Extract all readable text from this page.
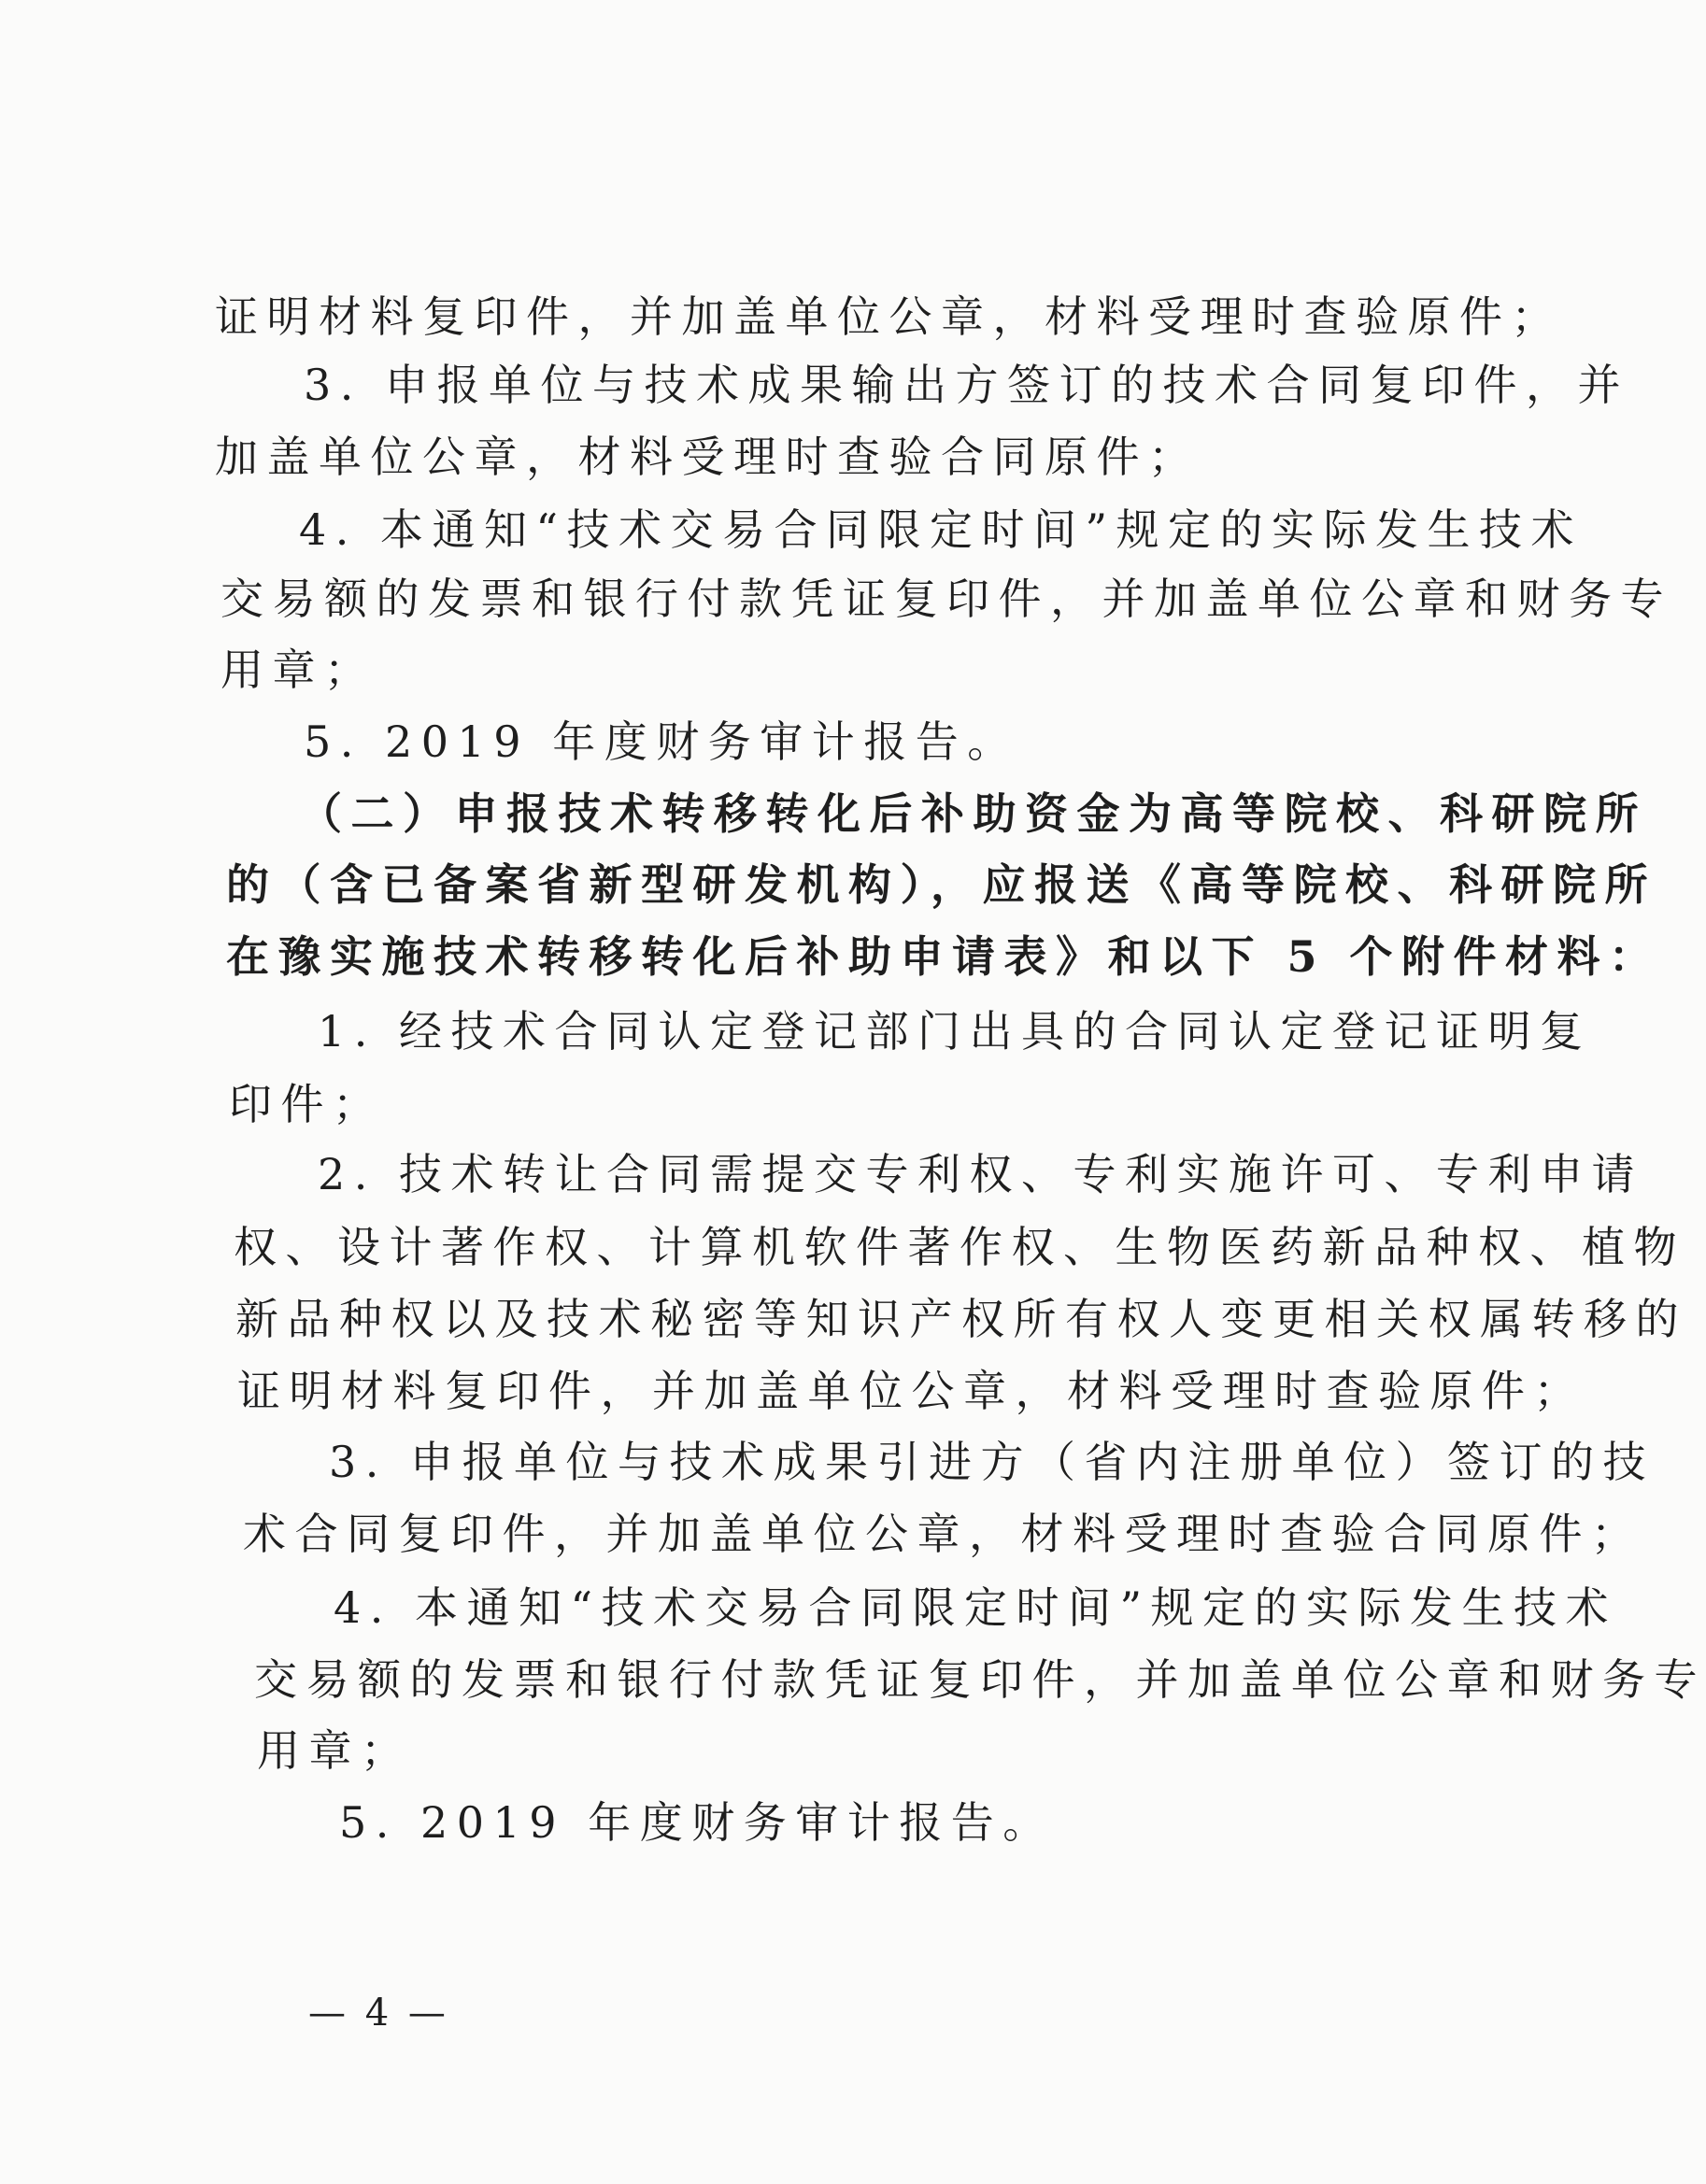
证明材料复印件，并加盖单位公章，材料受理时查验原件；
3. 申报单位与技术成果输出方签订的技术合同复印件，并
加盖单位公章，材料受理时查验合同原件；
4. 本通知“技术交易合同限定时间”规定的实际发生技术
交易额的发票和银行付款凭证复印件，并加盖单位公章和财务专
用章；
5. 2019 年度财务审计报告。
（二）申报技术转移转化后补助资金为高等院校、科研院所
的（含已备案省新型研发机构），应报送《高等院校、科研院所
在豫实施技术转移转化后补助申请表》和以下 5 个附件材料：
1. 经技术合同认定登记部门出具的合同认定登记证明复
印件；
2. 技术转让合同需提交专利权、专利实施许可、专利申请
权、设计著作权、计算机软件著作权、生物医药新品种权、植物
新品种权以及技术秘密等知识产权所有权人变更相关权属转移的
证明材料复印件，并加盖单位公章，材料受理时查验原件；
3. 申报单位与技术成果引进方（省内注册单位）签订的技
术合同复印件，并加盖单位公章，材料受理时查验合同原件；
4. 本通知“技术交易合同限定时间”规定的实际发生技术
交易额的发票和银行付款凭证复印件，并加盖单位公章和财务专
用章；
5. 2019 年度财务审计报告。
— 4 —
